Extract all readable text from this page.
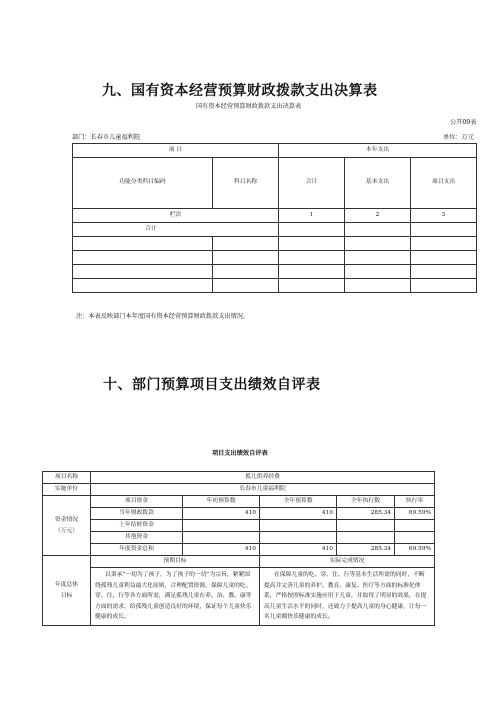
九、国有资本经营预算财政拨款支出决算表
国有资本经营预算财政拨款支出决算表
公开09表
部门：长春市儿童福利院	单位：万元
项 目		本年支出		
功能分类科目编码	科目名称	合计	基本支出	项目支出
栏次		1	2	3
合计				

注：本表反映部门本年度国有资本经营预算财政拨款支出情况。
十、部门预算项目支出绩效自评表
项目支出绩效自评表
项目名称	孤儿供养经费				
实施单位	长春市儿童福利院				
资金情况
（万元）	项目资金	年初预算数	全年预算数	全年执行数	执行率
	当年财政拨款	410	410	285.34	69.59%
	上年结转资金				
	其他资金				
	年度资金总和	410	410	285.34	69.59%
年度总体
目标	预期目标		实际完成情况		
	以秉承“一切为了孩子，为了孩子的一切”为宗旨，紧紧围绕孤残儿童利益最大化原则，合理配置资源，保障儿童的吃、穿、住、行等各方面所需，满足孤残儿童在养、治、教、康等方面的需求，给孤残儿童创造良好的环境，保证每个儿童快乐健康的成长。		在保障儿童的吃、穿、住、行等基本生活所需的同时，不断提高并完善儿童的养护、教育、康复、医疗等方面的标准化体系，严格按照标准实施应用于儿童，并取得了明显的效果，在提高儿童生活水平的同时，还致力于提高儿童的身心健康，让每一名儿童都快乐健康的成长。		
